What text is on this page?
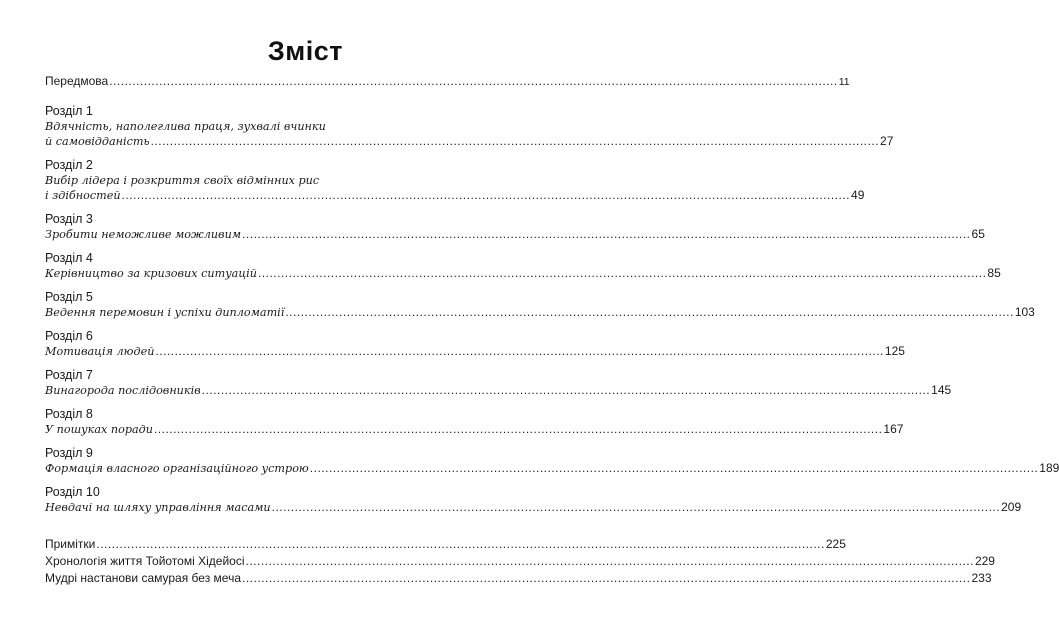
Зміст
Передмова .....	11
Розділ 1
Вдячність, наполеглива праця, зухвалі вчинки
й самовідданість .....	27
Розділ 2
Вибір лідера і розкриття своїх відмінних рис
і здібностей .....	49
Розділ 3
Зробити неможливе можливим .....	65
Розділ 4
Керівництво за кризових ситуацій .....	85
Розділ 5
Ведення перемовин і успіхи дипломатії .....	103
Розділ 6
Мотивація людей .....	125
Розділ 7
Винагорода послідовників .....	145
Розділ 8
У пошуках поради .....	167
Розділ 9
Формація власного організаційного устрою .....	189
Розділ 10
Невдачі на шляху управління масами .....	209
Примітки .....	225
Хронологія життя Тойотомі Хідейосі .....	229
Мудрі настанови самурая без меча .....	233
